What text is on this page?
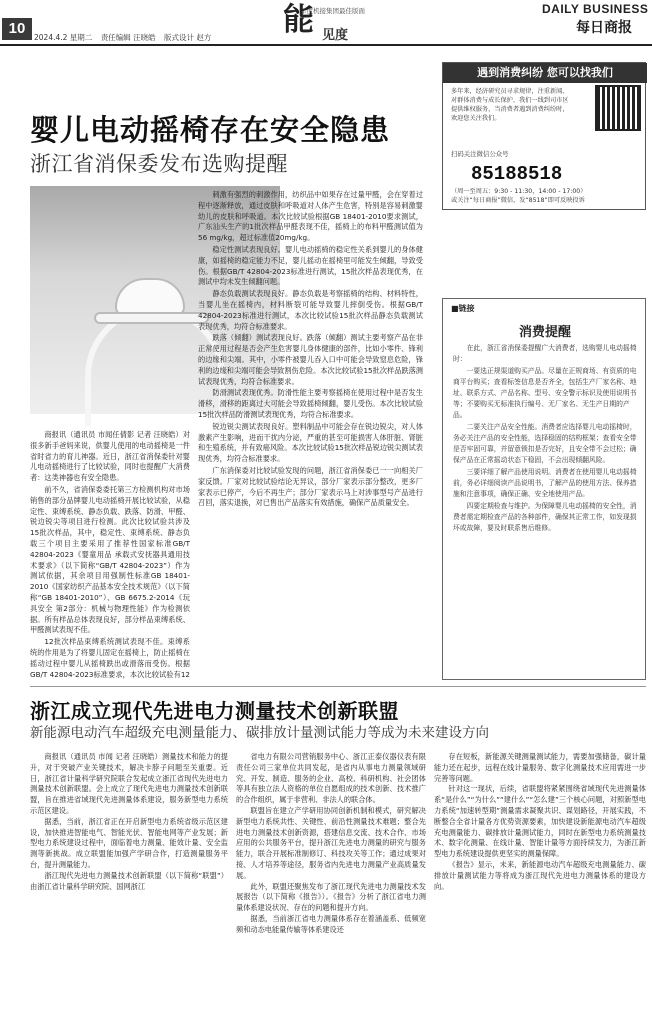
10
2024.4.2 星期二 责任编辑 汪晓皓 版式设计 赵方
年度机接集团最佳版面
能 见度
DAILY BUSINESS
每日商报
婴儿电动摇椅存在安全隐患
浙江省消保委发布选购提醒
遇到消费纠纷 您可以找我们
多年来，经济研究员寻求规律，注重新闻、对群体消费与成长保护、我们一线到司市区提供维权服务，当消费者遇到消费纠纷时，欢迎您关注我们。
扫码关注微信公众号
85188518
（周一至周五：9:30 - 11:30，14:00 - 17:00）
或关注“每日商报”微信，发“8518”即可反映投诉

商报讯（通讯员 市闻任倩影 记者 汪晓皓）对很多新手爸妈来说，供婴儿使用的电动摇椅是一件省时省力的育儿神器。近日，浙江省消保委针对婴儿电动摇椅进行了比较试验，同时也提醒广大消费者：这类神器也有安全隐患。

前不久，省消保委委托第三方检测机构对市场销售的部分品牌婴儿电动摇椅开展比较试验，从稳定性、束缚系统、静态负载、跌落、防滑、甲醛、锐边锐尖等项目进行检测。此次比较试验共涉及15批次样品，其中，稳定性、束缚系统、静态负载三个项目主要采用了推荐性国家标准GB/T 42804-2023《婴童用品 承载式安抚器具通用技术要求》（以下简称“GB/T 42804-2023”）作为测试依据，其余项目用强制性标准GB 18401-2010《国家纺织产品基本安全技术规范》（以下简称“GB 18401-2010”）、GB 6675.2-2014《玩具安全 第2部分：机械与物理性能》作为检测依据。所有样品总体表现良好，部分样品束缚系统、甲醛测试表现不佳。

12批次样品束缚系统测试表现不佳。束缚系统的作用是为了将婴儿固定在摇椅上，防止摇椅在摇动过程中婴儿从摇椅跌出或滑落而受伤。根据GB/T 42804-2023标准要求，本次比较试验有12

刺激有强烈的刺激作用，纺织品中如果存在过量甲醛，会在穿着过程中逐渐释放，通过皮肤和呼吸道对人体产生危害，特别是容易刺激婴幼儿的皮肤和呼吸道。本次比较试验根据GB 18401-2010要求测试，广东汕头生产的1批次样品甲醛表现不佳，摇椅上的布料甲醛测试值为56 mg/kg，超过标准值20mg/kg。

稳定性测试表现良好。婴儿电动摇椅的稳定性关系到婴儿的身体健康，如摇椅的稳定能力不足，婴儿摇动在摇椅里可能发生倾翻，导致受伤。根据GB/T 42804-2023标准进行测试，15批次样品表现优秀，在测试中均未发生倾翻问题。

静态负载测试表现良好。静态负载是考察摇椅的结构、材料特性，当婴儿坐在摇椅内，材料断裂可能导致婴儿摔倒受伤。根据GB/T 42804-2023标准进行测试，本次比较试验15批次样品静态负载测试表现优秀，均符合标准要求。

跌落（倾翻）测试表现良好。跌落（倾翻）测试主要考察产品在非正常使用过程是否会产生危害婴儿身体健康的部件，比如小零件、锋利的边缘和尖端。其中，小零件被婴儿吞入口中可能会导致窒息危险，锋利的边缘和尖端可能会导致割伤危险。本次比较试验15批次样品跌落测试表现优秀，均符合标准要求。

防滑测试表现优秀。防滑性能主要考察摇椅在使用过程中是否发生滑移，滑移的距离过大可能会导致摇椅倾翻，婴儿受伤。本次比较试验15批次样品防滑测试表现优秀，均符合标准要求。

锐边锐尖测试表现良好。塑料制品中可能会存在锐边锐尖，对人体激素产生影响，进而干扰内分泌，严重的甚至可能损害人体肝脏、肾脏和生殖系统，并有致癌风险。本次比较试验15批次样品锐边锐尖测试表现优秀，均符合标准要求。

广东消保委对比较试验发现的问题，浙江省消保委已一一向相关厂家反馈。厂家对比较试验结论无异议，部分厂家表示部分整改，更多厂家表示已停产，今后不再生产；部分厂家表示马上对涉事型号产品进行召回，落实退换，对已售出产品落实有效措施，确保产品质量安全。

■链接
消费提醒

在此，浙江省消保委提醒广大消费者，选购婴儿电动摇椅时：

一要选正规渠道购买产品。尽量在正规商场、有资质的电商平台购买；查看标签信息是否齐全，包括生产厂家名称、地址、联系方式、产品名称、型号、安全警示标识及使用说明书等；不要购买无标准执行编号、无厂家名、无生产日期的产品。

二要关注产品安全性能。消费者应选择婴儿电动摇椅时，务必关注产品的安全性能，选择稳固的结构框架；查看安全带是否牢固可靠，并留意锁扣是否完好，且安全带不会过松；确保产品在正常摇动状态下稳固，不会出现倾翻风险。

三要详细了解产品使用说明。消费者在使用婴儿电动摇椅前，务必详细阅读产品说明书，了解产品的使用方法、保养措施和注意事项，确保正确、安全地使用产品。

四要定期检查与维护。为保障婴儿电动摇椅的安全性，消费者需定期检查产品的各种部件，确保其正常工作，如发现损坏或故障，要及时联系售后维修。

浙江成立现代先进电力测量技术创新联盟
新能源电动汽车超级充电测量能力、碳排放计量测试能力等成为未来建设方向

商报讯（通讯员 市闻 记者 汪晓皓）测量技术和能力的提升，对于突破产业关键技术，解决卡脖子问题至关重要。近日，浙江省计量科学研究院联合发起成立浙江省现代先进电力测量技术创新联盟。会上成立了现代先进电力测量技术创新联盟，旨在推进省域现代先进测量体系建设，服务新型电力系统示范区建设。

据悉，当前，浙江省正在开启新型电力系统省级示范区建设，加快推进智能电气、智能光伏、智能电网等产业发展；新型电力系统建设过程中，面临着电力测量、能效计量、安全监测等新挑战。成立联盟能加强产学研合作，打造测量服务平台，提升测量能力。

浙江现代先进电力测量技术创新联盟（以下简称“联盟”）由浙江省计量科学研究院、国网浙江

省电力有限公司营销服务中心、浙江正泰仪器仪表有限责任公司三家单位共同发起，是省内从事电力测量领域研究、开发、制造、服务的企业、高校、科研机构、社会团体等具有独立法人资格的单位自愿组成的技术创新、技术推广的合作组织，属于非营利、非法人的联合体。

联盟旨在建立产学研用协同创新机制和模式，研究解决新型电力系统共性、关键性、前沿性测量技术难题；整合先进电力测量技术创新资源，搭建信息交流、技术合作、市场应用的公共服务平台，提升浙江先进电力测量的研究与服务能力，联合开展标准制修订、科技攻关等工作；通过成果对接、人才培养等途径，服务省内先进电力测量产业高质量发展。

此外，联盟还聚焦发布了浙江现代先进电力测量技术发展报告（以下简称《报告》）。《报告》分析了浙江省电力测量体系建设状况、存在的问题和提升方向。

据悉，当前浙江省电力测量体系存在着涵盖系、低频宽频和动态电能量传输等体系建设还

存在短板，新能源关键测量测试能力，需要加强储备，碳计量能力还在起步，远程在线计量服务、数字化测量技术应用需进一步完善等问题。

针对这一现状，后续，省联盟将紧紧围绕省域现代先进测量体系“是什么”“为什么”“建什么”“怎么建”三个核心问题，对照新型电力系统“加速转型期”测量需求凝聚共识、谋划路径，开展实践，不断整合全省计量各方优势资源要素，加快建设新能源电动汽车超级充电测量能力、碳排放计量测试能力，同时在新型电力系统测量技术、数字化测量、在线计量、智能计量等方面持续发力，为浙江新型电力系统建设提供更坚实的测量保障。

《报告》显示，未来，新能源电动汽车超级充电测量能力、碳排放计量测试能力等将成为浙江现代先进电力测量体系的建设方向。
